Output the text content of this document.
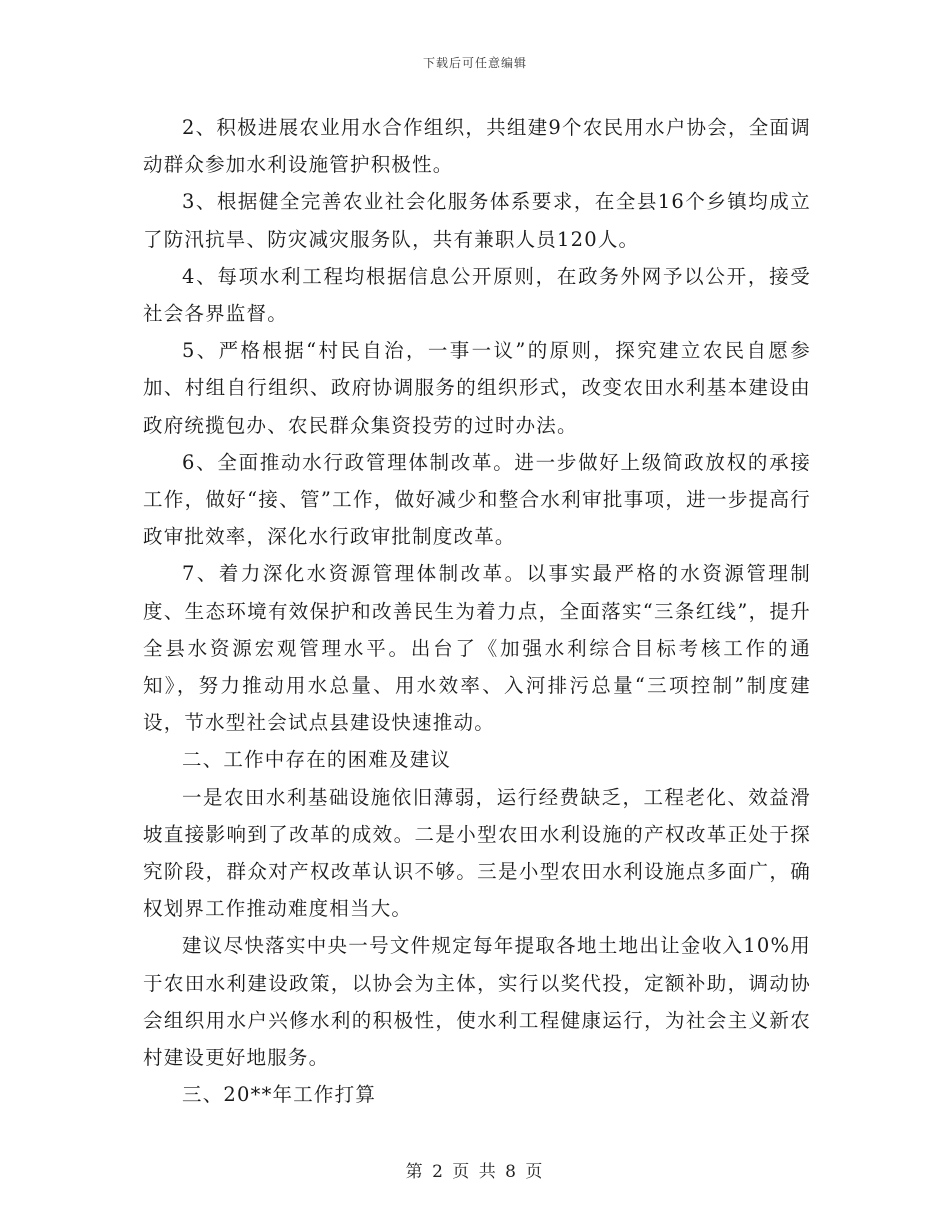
下载后可任意编辑

2、积极进展农业用水合作组织，共组建9个农民用水户协会，全面调动群众参加水利设施管护积极性。

3、根据健全完善农业社会化服务体系要求，在全县16个乡镇均成立了防汛抗旱、防灾减灾服务队，共有兼职人员120人。

4、每项水利工程均根据信息公开原则，在政务外网予以公开，接受社会各界监督。

5、严格根据“村民自治，一事一议”的原则，探究建立农民自愿参加、村组自行组织、政府协调服务的组织形式，改变农田水利基本建设由政府统揽包办、农民群众集资投劳的过时办法。

6、全面推动水行政管理体制改革。进一步做好上级简政放权的承接工作，做好“接、管”工作，做好减少和整合水利审批事项，进一步提高行政审批效率，深化水行政审批制度改革。

7、着力深化水资源管理体制改革。以事实最严格的水资源管理制度、生态环境有效保护和改善民生为着力点，全面落实“三条红线”，提升全县水资源宏观管理水平。出台了《加强水利综合目标考核工作的通知》，努力推动用水总量、用水效率、入河排污总量“三项控制”制度建设，节水型社会试点县建设快速推动。

二、工作中存在的困难及建议

一是农田水利基础设施依旧薄弱，运行经费缺乏，工程老化、效益滑坡直接影响到了改革的成效。二是小型农田水利设施的产权改革正处于探究阶段，群众对产权改革认识不够。三是小型农田水利设施点多面广，确权划界工作推动难度相当大。

建议尽快落实中央一号文件规定每年提取各地土地出让金收入10%用于农田水利建设政策，以协会为主体，实行以奖代投，定额补助，调动协会组织用水户兴修水利的积极性，使水利工程健康运行，为社会主义新农村建设更好地服务。

三、20**年工作打算

第 2 页 共 8 页
